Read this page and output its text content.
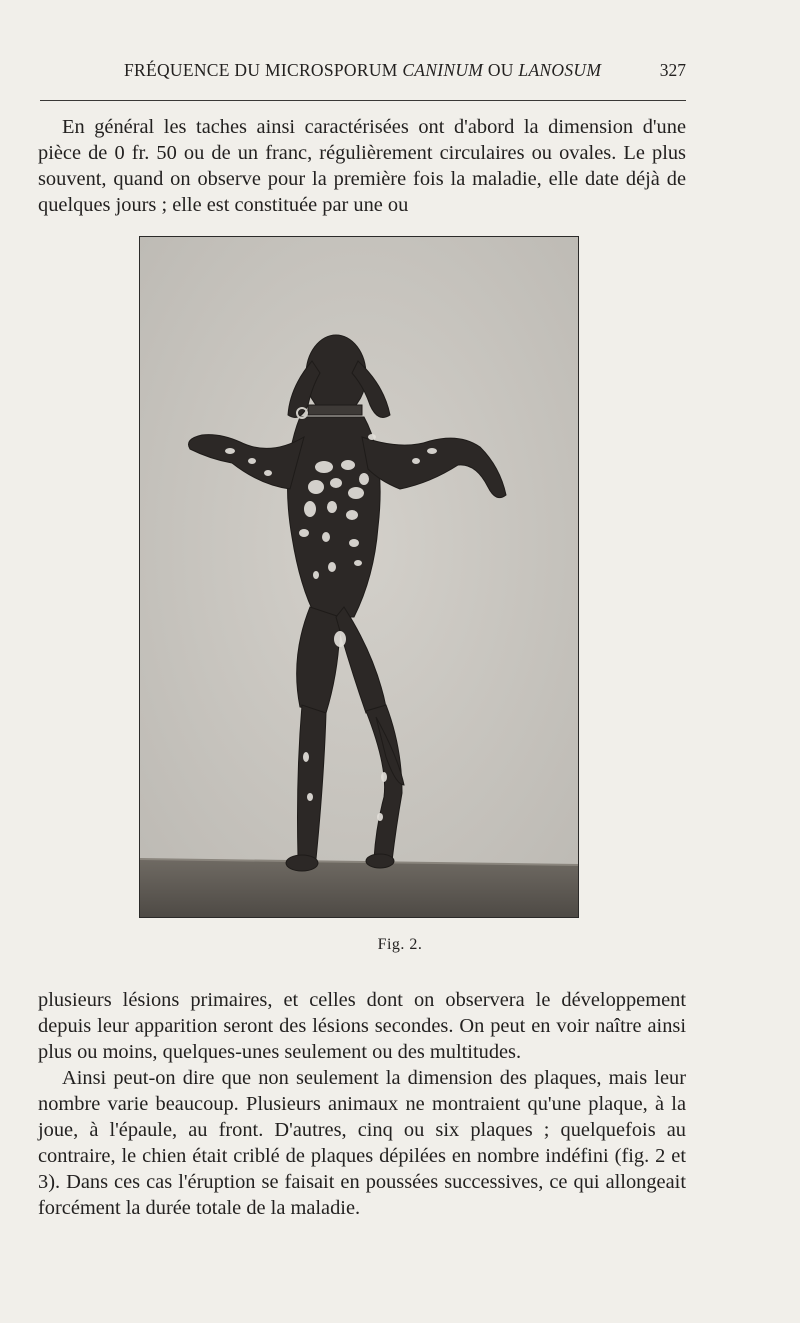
FRÉQUENCE DU MICROSPORUM CANINUM OU LANOSUM	327

En général les taches ainsi caractérisées ont d'abord la dimension d'une pièce de 0 fr. 50 ou de un franc, régulièrement circulaires ou ovales. Le plus souvent, quand on observe pour la première fois la maladie, elle date déjà de quelques jours ; elle est constituée par une ou

Fig. 2.

plusieurs lésions primaires, et celles dont on observera le développement depuis leur apparition seront des lésions secondes. On peut en voir naître ainsi plus ou moins, quelques-unes seulement ou des multitudes.

Ainsi peut-on dire que non seulement la dimension des plaques, mais leur nombre varie beaucoup. Plusieurs animaux ne montraient qu'une plaque, à la joue, à l'épaule, au front. D'autres, cinq ou six plaques ; quelquefois au contraire, le chien était criblé de plaques dépilées en nombre indéfini (fig. 2 et 3). Dans ces cas l'éruption se faisait en poussées successives, ce qui allongeait forcément la durée totale de la maladie.
